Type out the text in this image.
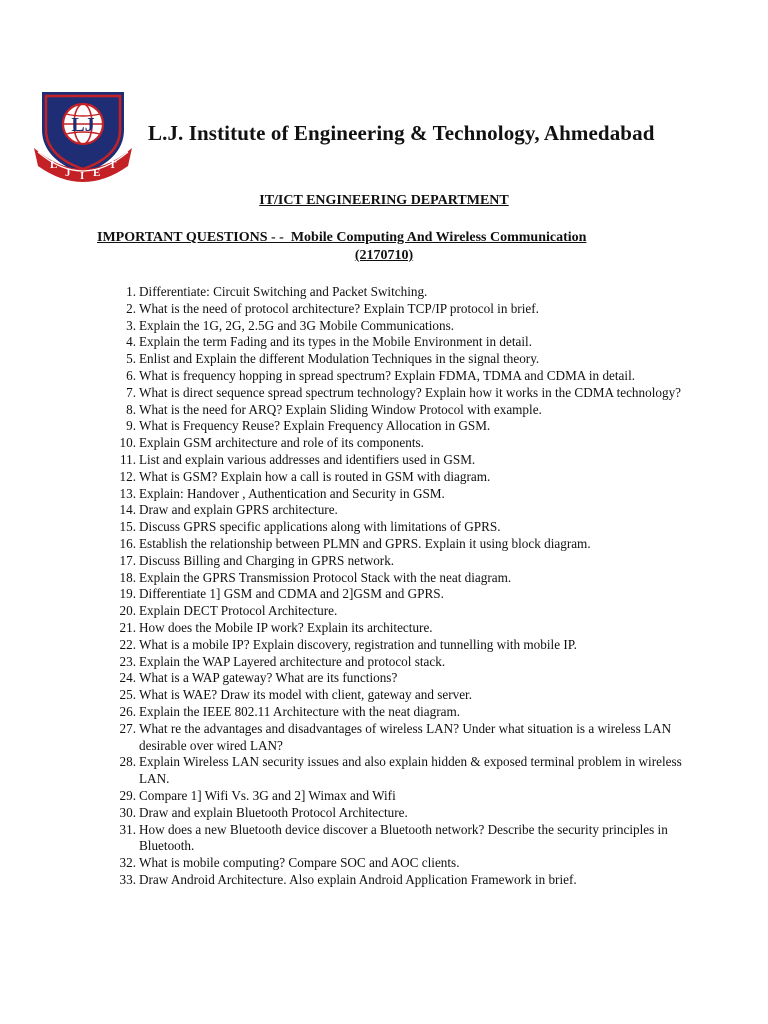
LJ
L
J I E
T
L.J. Institute of Engineering & Technology, Ahmedabad
IT/ICT ENGINEERING DEPARTMENT
IMPORTANT QUESTIONS - -  Mobile Computing And Wireless Communication
(2170710)
1 . Differentiate: Circuit Switching and Packet Switching.
2 . What is the need of protocol architecture? Explain TCP/IP protocol in brief.
3 . Explain the 1G, 2G, 2.5G and 3G Mobile Communications.
4 . Explain the term Fading and its types in the Mobile Environment in detail.
5 . Enlist and Explain the different Modulation Techniques in the signal theory.
6 . What is frequency hopping in spread spectrum? Explain FDMA, TDMA and CDMA in detail.
7 . What is direct sequence spread spectrum technology? Explain how it works in the CDMA technology?
8 . What is the need for ARQ? Explain Sliding Window Protocol with example.
9 . What is Frequency Reuse? Explain Frequency Allocation in GSM.
10 . Explain GSM architecture and role of its components.
11 . List and explain various addresses and identifiers used in GSM.
12 . What is GSM? Explain how a call is routed in GSM with diagram.
13 . Explain: Handover , Authentication and Security in GSM.
14 . Draw and explain GPRS architecture.
15 . Discuss GPRS specific applications along with limitations of GPRS.
16 . Establish the relationship between PLMN and GPRS. Explain it using block diagram.
17 . Discuss Billing and Charging in GPRS network.
18 . Explain the GPRS Transmission Protocol Stack with the neat diagram.
19 . Differentiate 1] GSM and CDMA and 2]GSM and GPRS.
20 . Explain DECT Protocol Architecture.
21 . How does the Mobile IP work? Explain its architecture.
22 . What is a mobile IP? Explain discovery, registration and tunnelling with mobile IP.
23 . Explain the WAP Layered architecture and protocol stack.
24 . What is a WAP gateway? What are its functions?
25 . What is WAE? Draw its model with client, gateway and server.
26 . Explain the IEEE 802.11 Architecture with the neat diagram.
27 . What re the advantages and disadvantages of wireless LAN? Under what situation is a wireless LAN desirable over wired LAN?
28 . Explain Wireless LAN security issues and also explain hidden & exposed terminal problem in wireless LAN.
29 . Compare 1] Wifi Vs. 3G and 2] Wimax and Wifi
30 . Draw and explain Bluetooth Protocol Architecture.
31 . How does a new Bluetooth device discover a Bluetooth network? Describe the security principles in Bluetooth.
32 . What is mobile computing? Compare SOC and AOC clients.
33 . Draw Android Architecture. Also explain Android Application Framework in brief.
